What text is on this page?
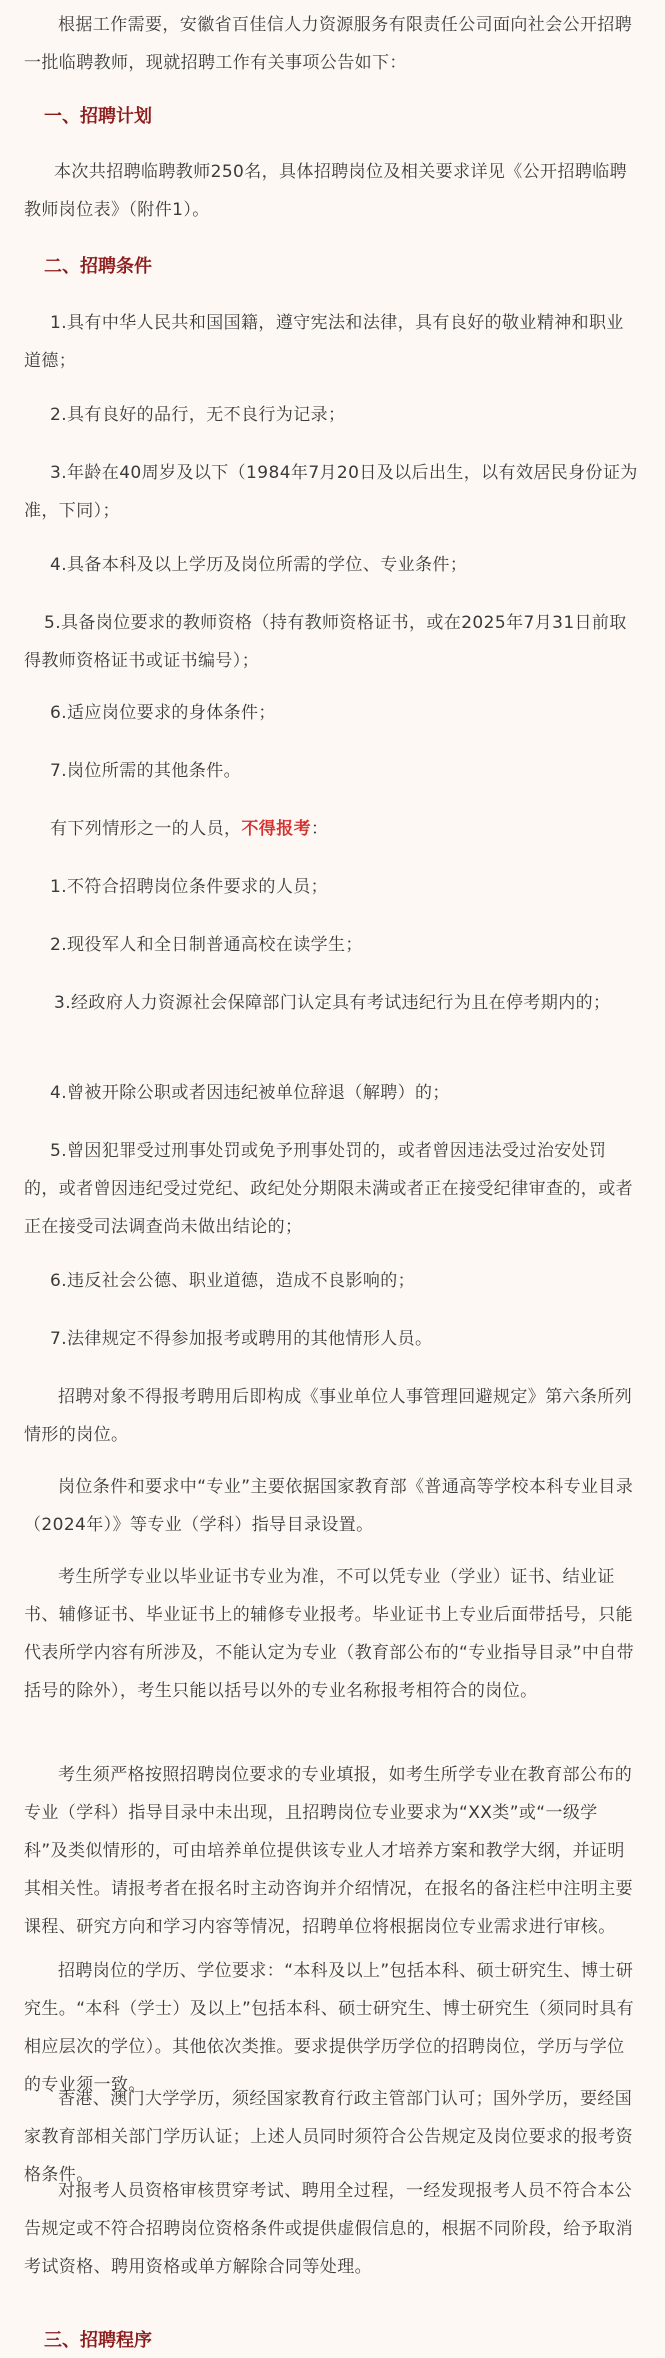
根据工作需要，安徽省百佳信人力资源服务有限责任公司面向社会公开招聘一批临聘教师，现就招聘工作有关事项公告如下：

一、招聘计划

本次共招聘临聘教师250名，具体招聘岗位及相关要求详见《公开招聘临聘教师岗位表》（附件1）。

二、招聘条件

1.具有中华人民共和国国籍，遵守宪法和法律，具有良好的敬业精神和职业道德；

2.具有良好的品行，无不良行为记录；

3.年龄在40周岁及以下（1984年7月20日及以后出生，以有效居民身份证为准，下同）；

4.具备本科及以上学历及岗位所需的学位、专业条件；

5.具备岗位要求的教师资格（持有教师资格证书，或在2025年7月31日前取得教师资格证书或证书编号）；

6.适应岗位要求的身体条件；

7.岗位所需的其他条件。

有下列情形之一的人员，不得报考：

1.不符合招聘岗位条件要求的人员；

2.现役军人和全日制普通高校在读学生；

3.经政府人力资源社会保障部门认定具有考试违纪行为且在停考期内的；

4.曾被开除公职或者因违纪被单位辞退（解聘）的；

5.曾因犯罪受过刑事处罚或免予刑事处罚的，或者曾因违法受过治安处罚的，或者曾因违纪受过党纪、政纪处分期限未满或者正在接受纪律审查的，或者正在接受司法调查尚未做出结论的；

6.违反社会公德、职业道德，造成不良影响的；

7.法律规定不得参加报考或聘用的其他情形人员。

招聘对象不得报考聘用后即构成《事业单位人事管理回避规定》第六条所列情形的岗位。

岗位条件和要求中“专业”主要依据国家教育部《普通高等学校本科专业目录（2024年）》等专业（学科）指导目录设置。

考生所学专业以毕业证书专业为准，不可以凭专业（学业）证书、结业证书、辅修证书、毕业证书上的辅修专业报考。毕业证书上专业后面带括号，只能代表所学内容有所涉及，不能认定为专业（教育部公布的“专业指导目录”中自带括号的除外），考生只能以括号以外的专业名称报考相符合的岗位。

考生须严格按照招聘岗位要求的专业填报，如考生所学专业在教育部公布的专业（学科）指导目录中未出现，且招聘岗位专业要求为“XX类”或“一级学科”及类似情形的，可由培养单位提供该专业人才培养方案和教学大纲，并证明其相关性。请报考者在报名时主动咨询并介绍情况，在报名的备注栏中注明主要课程、研究方向和学习内容等情况，招聘单位将根据岗位专业需求进行审核。

招聘岗位的学历、学位要求：“本科及以上”包括本科、硕士研究生、博士研究生。“本科（学士）及以上”包括本科、硕士研究生、博士研究生（须同时具有相应层次的学位）。其他依次类推。要求提供学历学位的招聘岗位，学历与学位的专业须一致。

香港、澳门大学学历，须经国家教育行政主管部门认可；国外学历，要经国家教育部相关部门学历认证；上述人员同时须符合公告规定及岗位要求的报考资格条件。

对报考人员资格审核贯穿考试、聘用全过程，一经发现报考人员不符合本公告规定或不符合招聘岗位资格条件或提供虚假信息的，根据不同阶段，给予取消考试资格、聘用资格或单方解除合同等处理。

三、招聘程序
